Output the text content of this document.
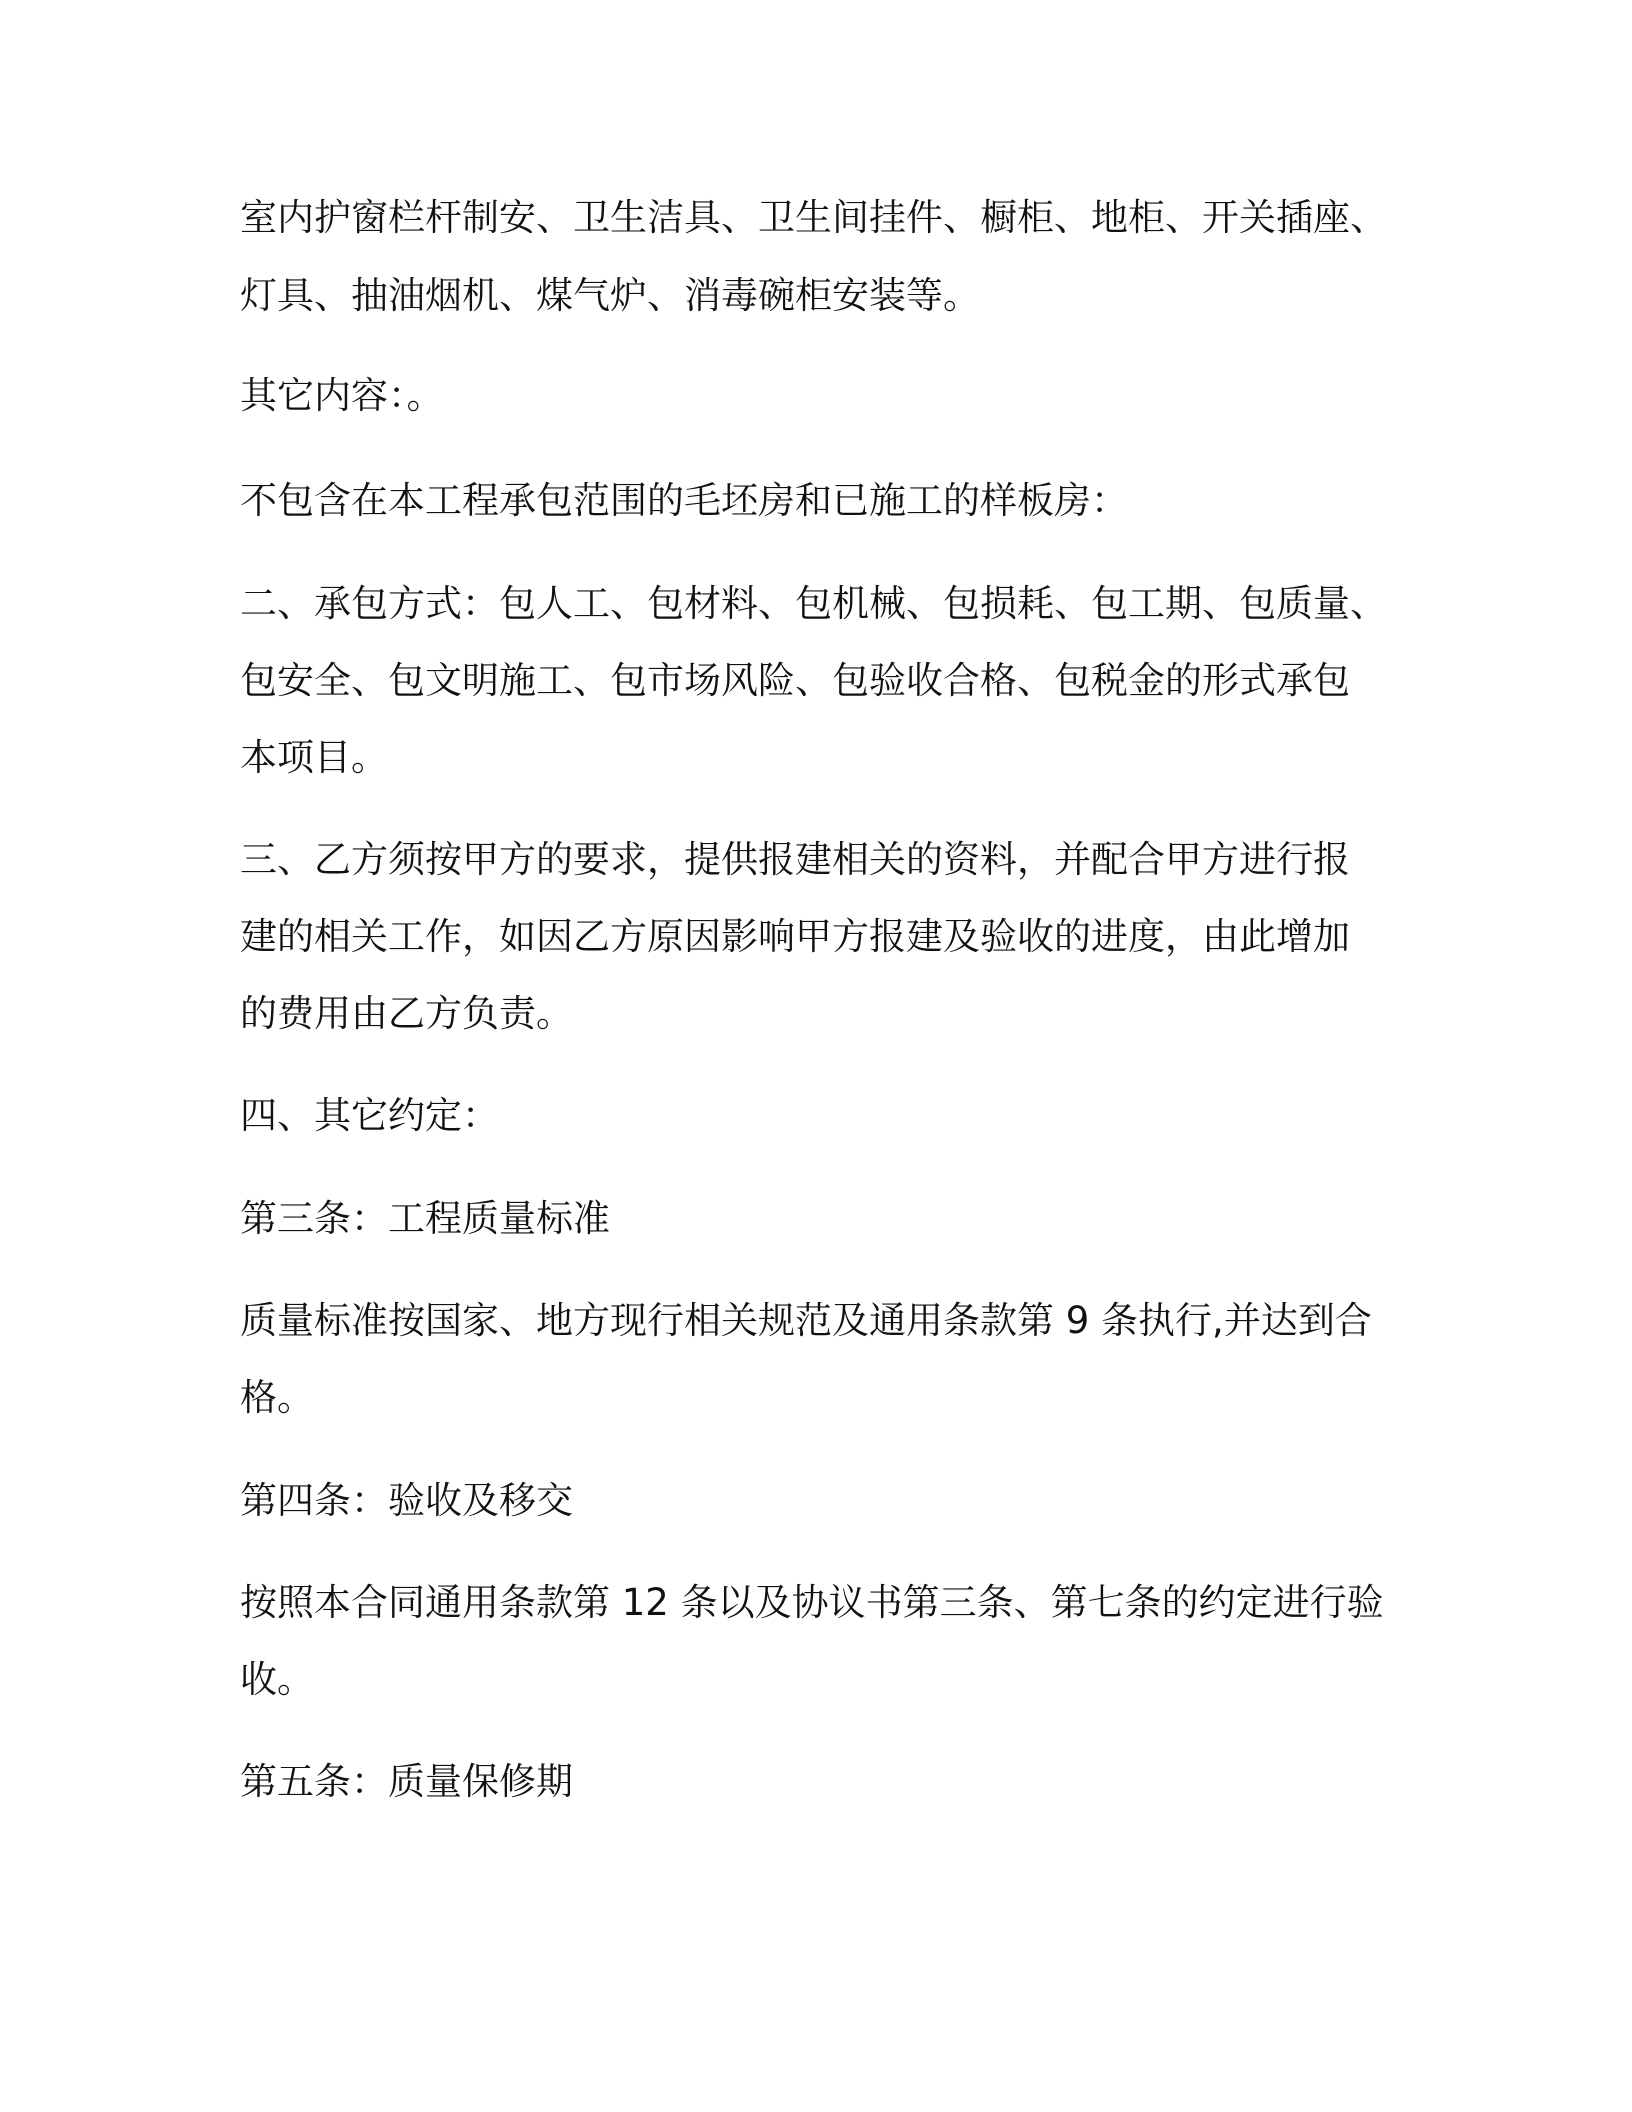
室内护窗栏杆制安、卫生洁具、卫生间挂件、橱柜、地柜、开关插座、
灯具、抽油烟机、煤气炉、消毒碗柜安装等。
其它内容：。
不包含在本工程承包范围的毛坯房和已施工的样板房：
二、承包方式：包人工、包材料、包机械、包损耗、包工期、包质量、
包安全、包文明施工、包市场风险、包验收合格、包税金的形式承包
本项目。
三、乙方须按甲方的要求，提供报建相关的资料，并配合甲方进行报
建的相关工作，如因乙方原因影响甲方报建及验收的进度，由此增加
的费用由乙方负责。
四、其它约定：
第三条：工程质量标准
质量标准按国家、地方现行相关规范及通用条款第 9 条执行,并达到合
格。
第四条：验收及移交
按照本合同通用条款第 12 条以及协议书第三条、第七条的约定进行验
收。
第五条：质量保修期
